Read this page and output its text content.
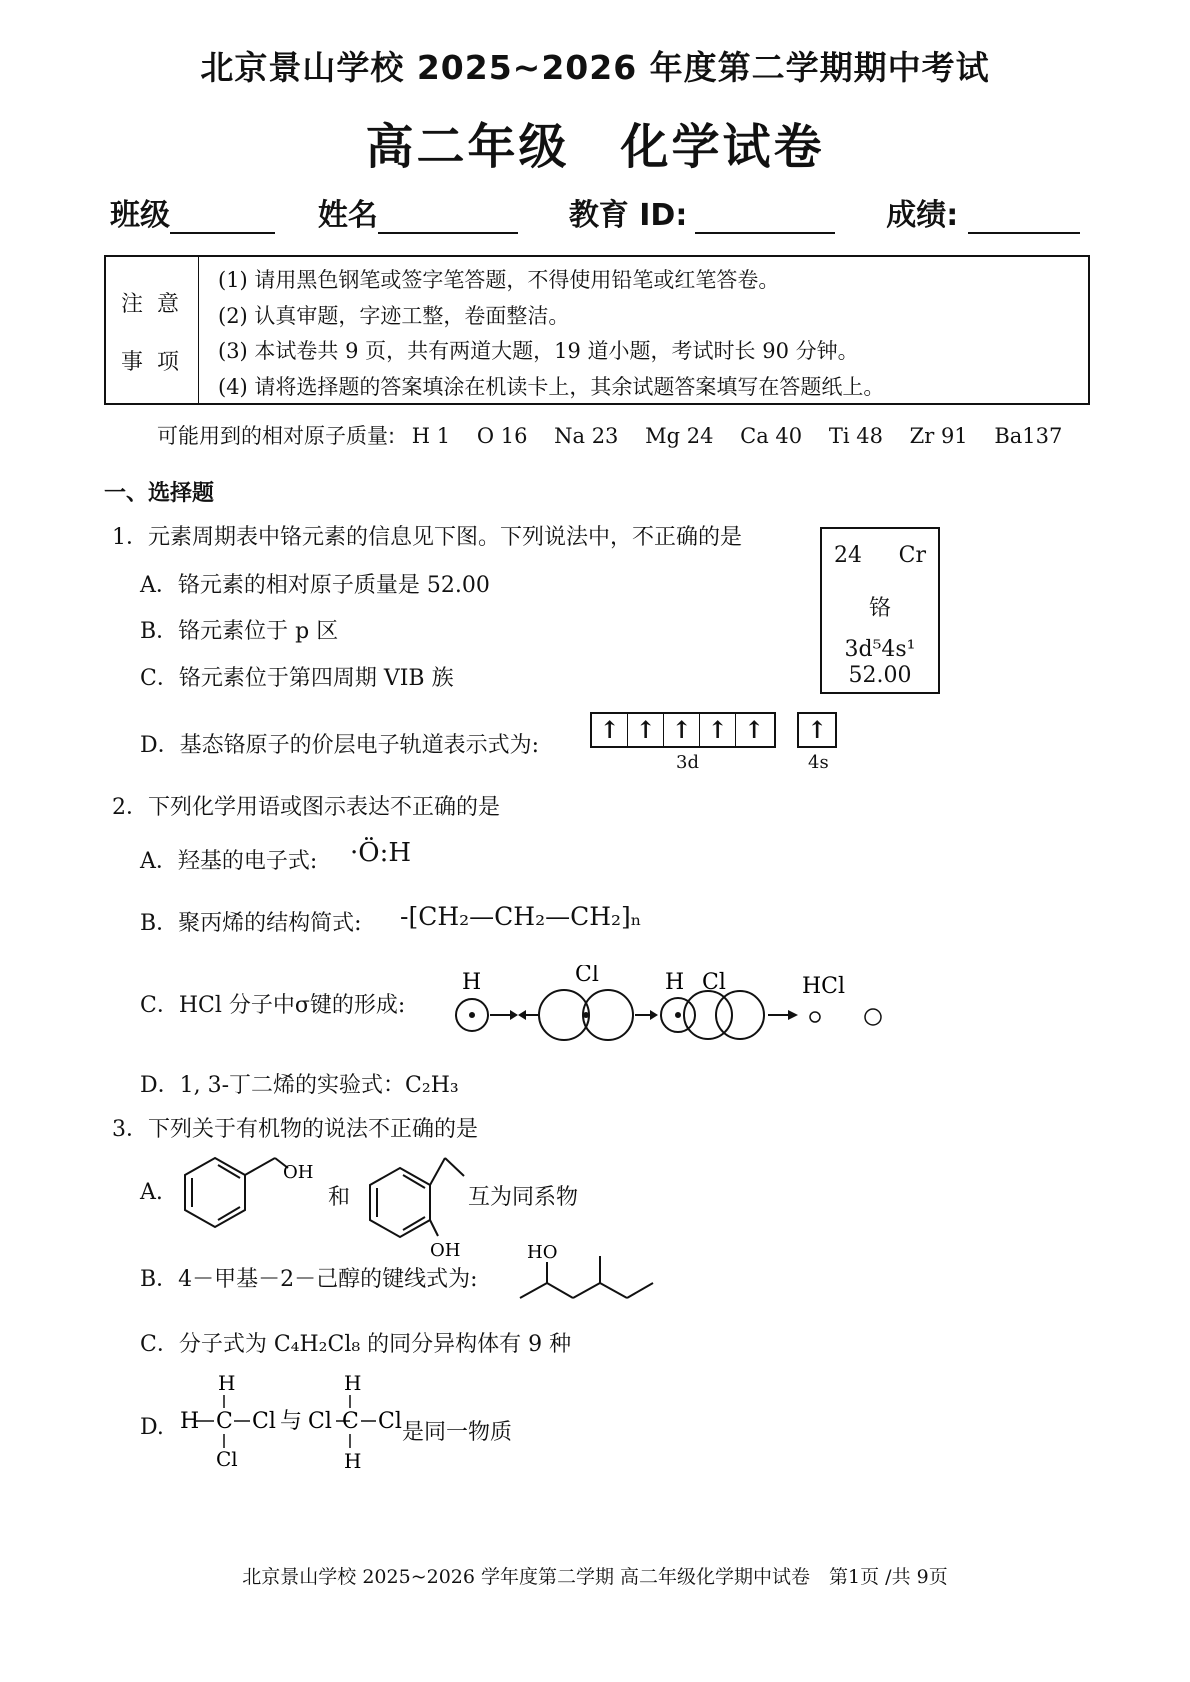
北京景山学校 2025~2026 年度第二学期期中考试
高二年级　化学试卷
班级	姓名	教育 ID:	成绩:
注意
事项
(1) 请用黑色钢笔或签字笔答题，不得使用铅笔或红笔答卷。
(2) 认真审题，字迹工整，卷面整洁。
(3) 本试卷共 9 页，共有两道大题，19 道小题，考试时长 90 分钟。
(4) 请将选择题的答案填涂在机读卡上，其余试题答案填写在答题纸上。
可能用到的相对原子质量: H 1 O 16 Na 23 Mg 24 Ca 40 Ti 48 Zr 91 Ba137
一、选择题
1．元素周期表中铬元素的信息见下图。下列说法中，不正确的是
A．铬元素的相对原子质量是 52.00
B．铬元素位于 p 区
C．铬元素位于第四周期 VIB 族
D．基态铬原子的价层电子轨道表示式为:
24 Cr
铬
3d⁵4s¹
52.00
↑ ↑ ↑ ↑ ↑	↑
3d	4s
2．下列化学用语或图示表达不正确的是
A．羟基的电子式: ·Ö:H
B．聚丙烯的结构简式: -[CH₂—CH₂—CH₂]ₙ
C．HCl 分子中σ键的形成:
H	Cl	H Cl	HCl
D．1, 3-丁二烯的实验式：C₂H₃
3．下列关于有机物的说法不正确的是
A.
OH
和
OH
互为同系物
B．4－甲基－2－己醇的键线式为:
HO
C．分子式为 C₄H₂Cl₈ 的同分异构体有 9 种
D.
H
H C Cl
Cl
与 Cl
H
C Cl
H
是同一物质
北京景山学校 2025~2026 学年度第二学期 高二年级化学期中试卷　第1页 /共 9页
